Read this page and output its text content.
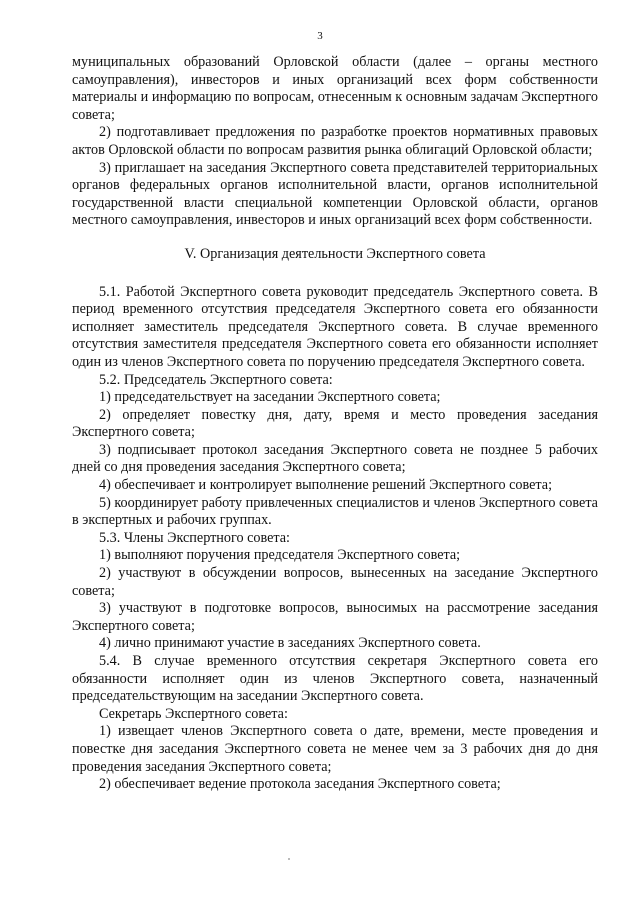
3

муниципальных образований Орловской области (далее – органы местного самоуправления), инвесторов и иных организаций всех форм собственности материалы и информацию по вопросам, отнесенным к основным задачам Экспертного совета;

2) подготавливает предложения по разработке проектов нормативных правовых актов Орловской области по вопросам развития рынка облигаций Орловской области;

3) приглашает на заседания Экспертного совета представителей территориальных органов федеральных органов исполнительной власти, органов исполнительной государственной власти специальной компетенции Орловской области, органов местного самоуправления, инвесторов и иных организаций всех форм собственности.

V. Организация деятельности Экспертного совета

5.1. Работой Экспертного совета руководит председатель Экспертного совета. В период временного отсутствия председателя Экспертного совета его обязанности исполняет заместитель председателя Экспертного совета. В случае временного отсутствия заместителя председателя Экспертного совета его обязанности исполняет один из членов Экспертного совета по поручению председателя Экспертного совета.

5.2. Председатель Экспертного совета:

1) председательствует на заседании Экспертного совета;

2) определяет повестку дня, дату, время и место проведения заседания Экспертного совета;

3) подписывает протокол заседания Экспертного совета не позднее 5 рабочих дней со дня проведения заседания Экспертного совета;

4) обеспечивает и контролирует выполнение решений Экспертного совета;

5) координирует работу привлеченных специалистов и членов Экспертного совета в экспертных и рабочих группах.

5.3. Члены Экспертного совета:

1) выполняют поручения председателя Экспертного совета;

2) участвуют в обсуждении вопросов, вынесенных на заседание Экспертного совета;

3) участвуют в подготовке вопросов, выносимых на рассмотрение заседания Экспертного совета;

4) лично принимают участие в заседаниях Экспертного совета.

5.4. В случае временного отсутствия секретаря Экспертного совета его обязанности исполняет один из членов Экспертного совета, назначенный председательствующим на заседании Экспертного совета.

Секретарь Экспертного совета:

1) извещает членов Экспертного совета о дате, времени, месте проведения и повестке дня заседания Экспертного совета не менее чем за 3 рабочих дня до дня проведения заседания Экспертного совета;

2) обеспечивает ведение протокола заседания Экспертного совета;
